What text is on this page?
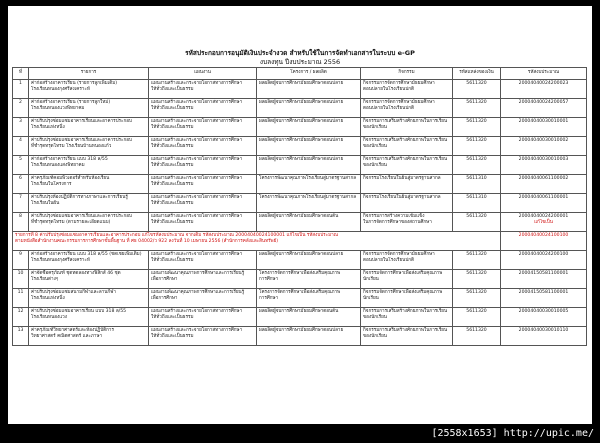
รหัสประกอบการอนุมัติเงินประจำงวด สำหรับใช้ในการจัดทำเอกสารในระบบ e-GP
งบลงทุน ปีงบประมาณ 2556
ที่	รายการ	แผนงาน	โครงการ / ผลผลิต	กิจกรรม	รหัสแหล่งของเงิน	รหัสงบประมาณ
1	ค่าก่อสร้างอาคารเรียน (รายการลูกเพิ่มเติม)
โรงเรียนหนองกุงศรีสงเคราะห์	แผนงานสร้างและกระจายโอกาสทางการศึกษา
ให้ทั่วถึงและเป็นธรรม	ผลผลิตผู้จบการศึกษามัธยมศึกษาตอนปลาย	กิจกรรมการจัดการศึกษามัธยมศึกษา
ตอนปลายในโรงเรียนปกติ	5611320	20004040024200023

2	ค่าก่อสร้างอาคารเรียน (รายการลูกใหม่)
โรงเรียนหนองแวงพิทยาคม	แผนงานสร้างและกระจายโอกาสทางการศึกษา
ให้ทั่วถึงและเป็นธรรม	ผลผลิตผู้จบการศึกษามัธยมศึกษาตอนปลาย	กิจกรรมการจัดการศึกษามัธยมศึกษา
ตอนปลายในโรงเรียนปกติ	5611320	20004040024200057

3	ค่าปรับปรุงซ่อมแซมอาคารเรียนและอาคารประกอบ
โรงเรียนแห่งหนึ่ง	แผนงานสร้างและกระจายโอกาสทางการศึกษา
ให้ทั่วถึงและเป็นธรรม	ผลผลิตผู้จบการศึกษามัธยมศึกษาตอนปลาย	กิจกรรมการเสริมสร้างศักยภาพในการเรียน
ของนักเรียน	5611320	20004040030010001

4	ค่าปรับปรุงซ่อมแซมอาคารเรียนและอาคารประกอบ
ที่ชำรุดทรุดโทรม โรงเรียนบ้านหนองแก้ว	แผนงานสร้างและกระจายโอกาสทางการศึกษา
ให้ทั่วถึงและเป็นธรรม	ผลผลิตผู้จบการศึกษามัธยมศึกษาตอนปลาย	กิจกรรมการเสริมสร้างศักยภาพในการเรียน
ของนักเรียน	5611320	20004040030010002

5	ค่าก่อสร้างอาคารเรียน แบบ 318 ล/55
โรงเรียนหนองแสงพิทยาคม	แผนงานสร้างและกระจายโอกาสทางการศึกษา
ให้ทั่วถึงและเป็นธรรม	ผลผลิตผู้จบการศึกษามัธยมศึกษาตอนปลาย	กิจกรรมการเสริมสร้างศักยภาพในการเรียน
ของนักเรียน	5611320	20004040030010003

6	ค่าครุภัณฑ์คอมพิวเตอร์สำหรับห้องเรียน
โรงเรียนในโครงการ	แผนงานสร้างและกระจายโอกาสทางการศึกษา
ให้ทั่วถึงและเป็นธรรม	โครงการพัฒนาคุณภาพโรงเรียนสู่มาตรฐานสากล	กิจกรรมโรงเรียนในฝันสู่มาตรฐานสากล	5611310	20004040061100002

7	ค่าปรับปรุงห้องปฏิบัติการทางภาษาและการเรียนรู้
โรงเรียนในฝัน	แผนงานสร้างและกระจายโอกาสทางการศึกษา
ให้ทั่วถึงและเป็นธรรม	โครงการพัฒนาคุณภาพโรงเรียนสู่มาตรฐานสากล	กิจกรรมโรงเรียนในฝันสู่มาตรฐานสากล	5611310	20004040061100001

8	ค่าปรับปรุงซ่อมแซมอาคารเรียนและอาคารประกอบ
ที่ชำรุดทรุดโทรม (ตามรายละเอียดแนบ)	แผนงานสร้างและกระจายโอกาสทางการศึกษา
ให้ทั่วถึงและเป็นธรรม	ผลผลิตผู้จบการศึกษามัธยมศึกษาตอนต้น	กิจกรรมการสร้างความเข้มแข็ง
ในการจัดการศึกษาของสถานศึกษา	5611320	20004040024200001
แก้ไขเป็น

รายการที่ 8 ค่าปรับปรุงซ่อมแซมอาคารเรียนและอาคารประกอบ แก้ไขรหัสงบประมาณ จากเดิม รหัสงบประมาณ 20004040024100001 แก้ไขเป็น รหัสงบประมาณ
ตามหนังสือสำนักงานคณะกรรมการการศึกษาขั้นพื้นฐาน ที่ ศธ 04002/ว 922 ลงวันที่ 10 เมษายน 2556 (สำนักการคลังและสินทรัพย์)						20004040024100100

9	ค่าก่อสร้างอาคารเรียน แบบ 318 ล/55 (ชดเชยเพิ่มเติม)
โรงเรียนหนองกุงศรีสงเคราะห์	แผนงานสร้างและกระจายโอกาสทางการศึกษา
ให้ทั่วถึงและเป็นธรรม	ผลผลิตผู้จบการศึกษามัธยมศึกษาตอนปลาย	กิจกรรมการจัดการศึกษามัธยมศึกษา
ตอนปลายในโรงเรียนปกติ	5611320	20004040024200100

10	ค่าจัดซื้อครุภัณฑ์ ชุดทดลองทางฟิสิกส์ 46 ชุด
โรงเรียนต่างๆ	แผนงานพัฒนาคุณภาพการศึกษาและการเรียนรู้
เพื่อการศึกษา	โครงการจัดการศึกษาเพื่อส่งเสริมคุณภาพ
การศึกษา	กิจกรรมจัดการศึกษาเพื่อส่งเสริมคุณภาพ
นักเรียน	5611320	20004150581100001

11	ค่าปรับปรุงซ่อมแซมสนามกีฬาและลานกีฬา
โรงเรียนแห่งหนึ่ง	แผนงานพัฒนาคุณภาพการศึกษาและการเรียนรู้
เพื่อการศึกษา	โครงการจัดการศึกษาเพื่อส่งเสริมคุณภาพ
การศึกษา	กิจกรรมจัดการศึกษาเพื่อส่งเสริมคุณภาพ
นักเรียน	5611320	20004150581100001

12	ค่าปรับปรุงซ่อมแซมอาคารเรียน แบบ 318 ล/55
โรงเรียนหนองแวง	แผนงานสร้างและกระจายโอกาสทางการศึกษา
ให้ทั่วถึงและเป็นธรรม	ผลผลิตผู้จบการศึกษามัธยมศึกษาตอนต้น	กิจกรรมการเสริมสร้างศักยภาพในการเรียน
ของนักเรียน	5611320	20004040030010005

13	ค่าครุภัณฑ์วิทยาศาสตร์และห้องปฏิบัติการ
วิทยาศาสตร์ คณิตศาสตร์ และภาษา	แผนงานสร้างและกระจายโอกาสทางการศึกษา
ให้ทั่วถึงและเป็นธรรม	ผลผลิตผู้จบการศึกษามัธยมศึกษาตอนปลาย	กิจกรรมการเสริมสร้างศักยภาพในการเรียน
ของนักเรียน	5611320	20004040030010110
[2558x1653] http://upic.me/
